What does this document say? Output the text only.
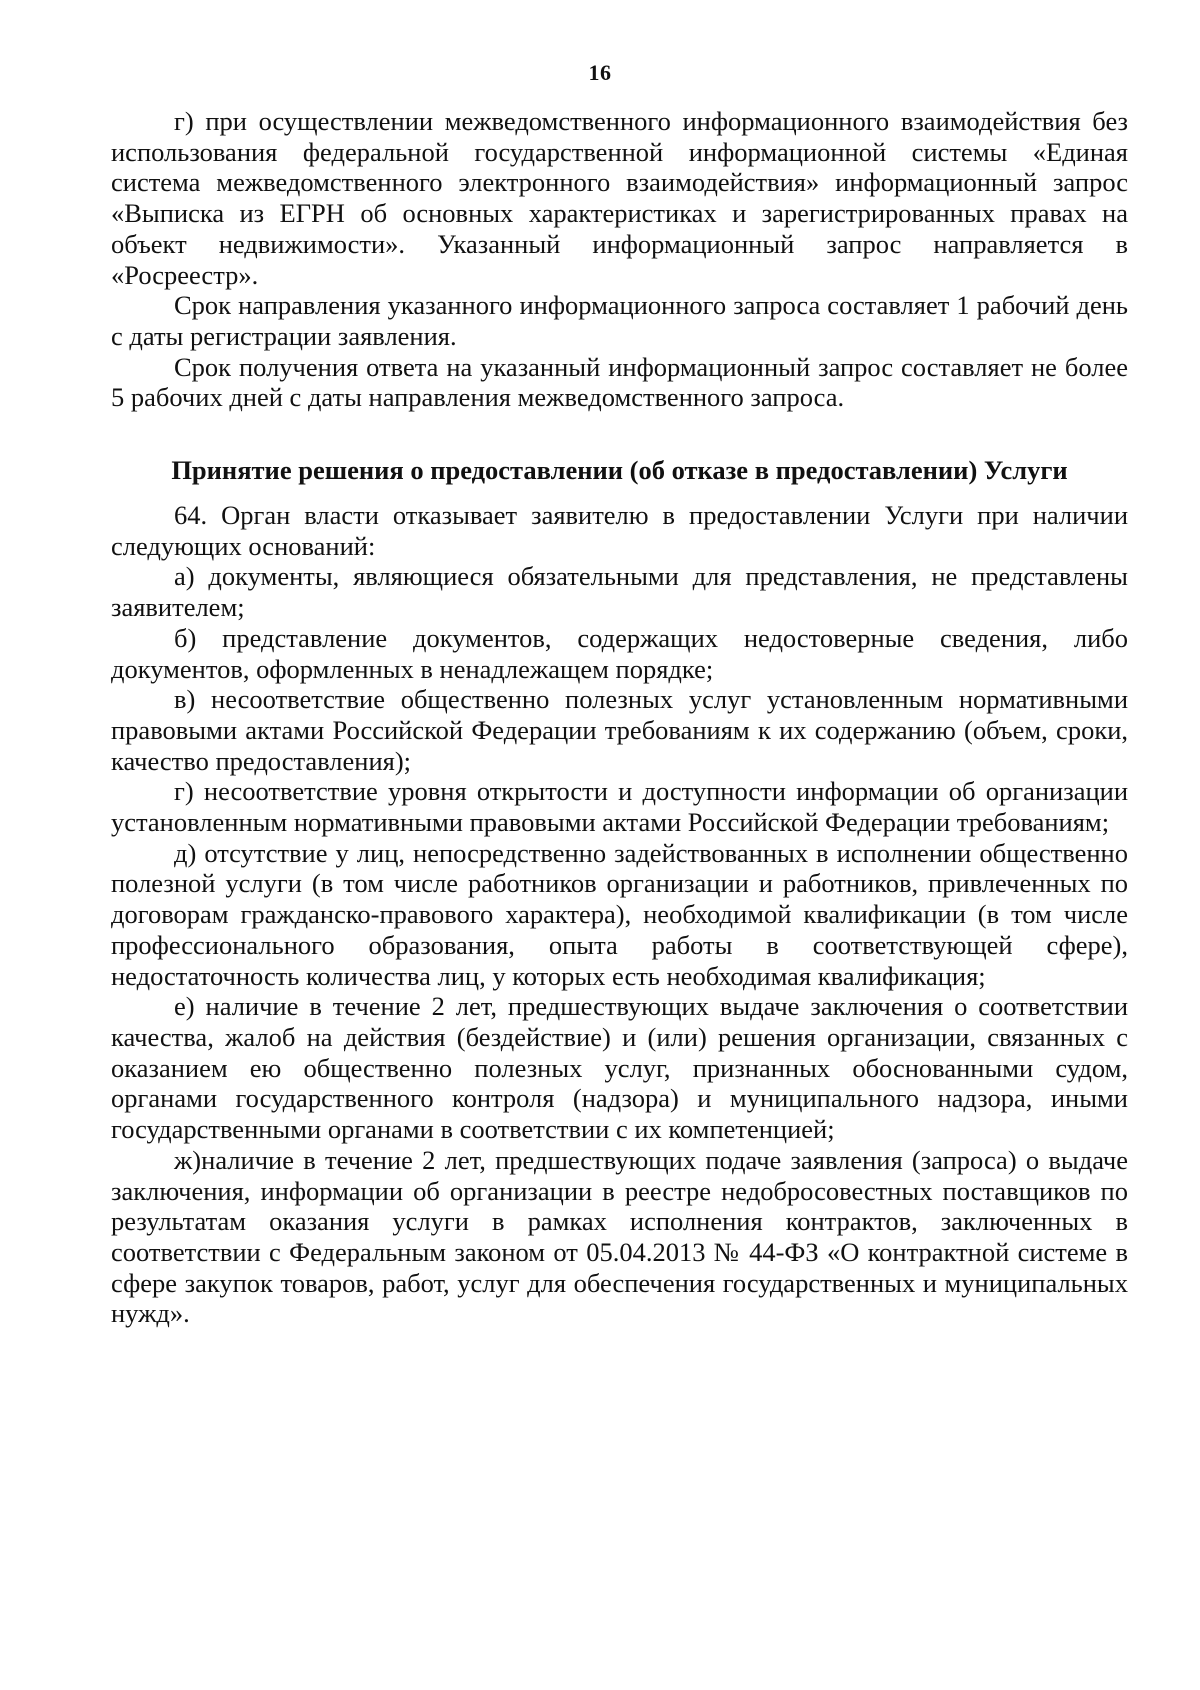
16

г) при осуществлении межведомственного информационного взаимодействия без использования федеральной государственной информационной системы «Единая система межведомственного электронного взаимодействия» информационный запрос «Выписка из ЕГРН об основных характеристиках и зарегистрированных правах на объект недвижимости». Указанный информационный запрос направляется в «Росреестр».

Срок направления указанного информационного запроса составляет 1 рабочий день с даты регистрации заявления.

Срок получения ответа на указанный информационный запрос составляет не более 5 рабочих дней с даты направления межведомственного запроса.

Принятие решения о предоставлении (об отказе в предоставлении) Услуги

64. Орган власти отказывает заявителю в предоставлении Услуги при наличии следующих оснований:

а) документы, являющиеся обязательными для представления, не представлены заявителем;

б) представление документов, содержащих недостоверные сведения, либо документов, оформленных в ненадлежащем порядке;

в) несоответствие общественно полезных услуг установленным нормативными правовыми актами Российской Федерации требованиям к их содержанию (объем, сроки, качество предоставления);

г) несоответствие уровня открытости и доступности информации об организации установленным нормативными правовыми актами Российской Федерации требованиям;

д) отсутствие у лиц, непосредственно задействованных в исполнении общественно полезной услуги (в том числе работников организации и работников, привлеченных по договорам гражданско-правового характера), необходимой квалификации (в том числе профессионального образования, опыта работы в соответствующей сфере), недостаточность количества лиц, у которых есть необходимая квалификация;

е) наличие в течение 2 лет, предшествующих выдаче заключения о соответствии качества, жалоб на действия (бездействие) и (или) решения организации, связанных с оказанием ею общественно полезных услуг, признанных обоснованными судом, органами государственного контроля (надзора) и муниципального надзора, иными государственными органами в соответствии с их компетенцией;

ж)наличие в течение 2 лет, предшествующих подаче заявления (запроса) о выдаче заключения, информации об организации в реестре недобросовестных поставщиков по результатам оказания услуги в рамках исполнения контрактов, заключенных в соответствии с Федеральным законом от 05.04.2013 № 44-ФЗ «О контрактной системе в сфере закупок товаров, работ, услуг для обеспечения государственных и муниципальных нужд».
